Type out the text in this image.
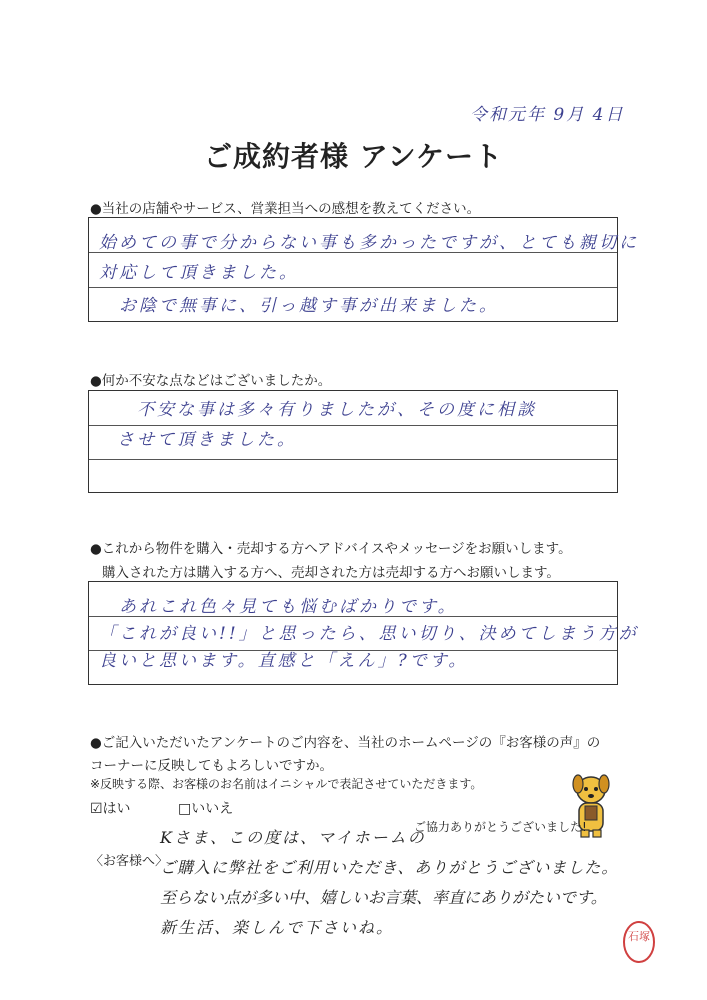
令和元年 9月 4日
ご成約者様 アンケート
●当社の店舗やサービス、営業担当への感想を教えてください。
始めての事で分からない事も多かったですが、とても親切に
対応して頂きました。
お陰で無事に、引っ越す事が出来ました。
●何か不安な点などはございましたか。
不安な事は多々有りましたが、その度に相談
させて頂きました。
●これから物件を購入・売却する方へアドバイスやメッセージをお願いします。
購入された方は購入する方へ、売却された方は売却する方へお願いします。
あれこれ色々見ても悩むばかりです。
「これが良い!!」と思ったら、思い切り、決めてしまう方が
良いと思います。直感と「えん」?です。
●ご記入いただいたアンケートのご内容を、当社のホームページの『お客様の声』の
コーナーに反映してもよろしいですか。
※反映する際、お客様のお名前はイニシャルで表記させていただきます。
☑はい	□いいえ
ご協力ありがとうございました!
〈お客様へ〉
Kさま、この度は、マイホームの
ご購入に弊社をご利用いただき、ありがとうございました。
至らない点が多い中、嬉しいお言葉、率直にありがたいです。
新生活、楽しんで下さいね。	石塚
